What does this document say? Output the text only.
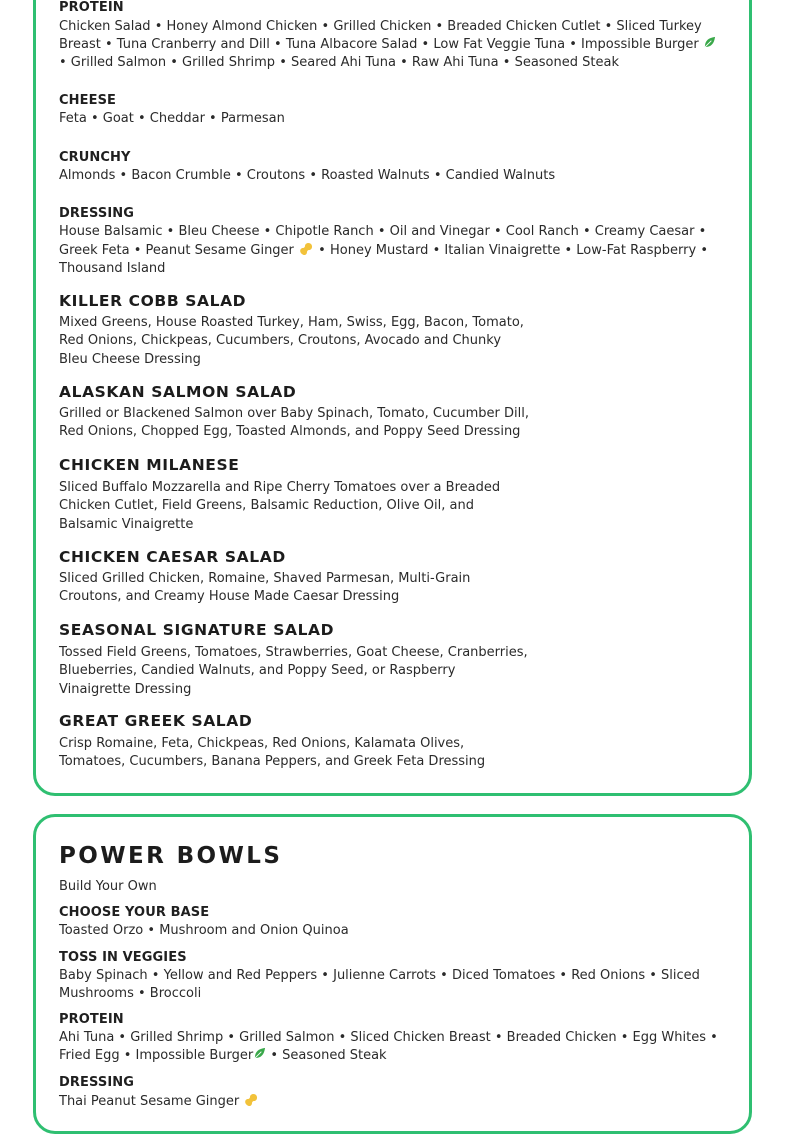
PROTEIN
Chicken Salad • Honey Almond Chicken • Grilled Chicken • Breaded Chicken Cutlet • Sliced Turkey Breast • Tuna Cranberry and Dill • Tuna Albacore Salad • Low Fat Veggie Tuna • Impossible Burger  • Grilled Salmon • Grilled Shrimp • Seared Ahi Tuna • Raw Ahi Tuna • Seasoned Steak
CHEESE
Feta • Goat • Cheddar • Parmesan
CRUNCHY
Almonds • Bacon Crumble • Croutons • Roasted Walnuts • Candied Walnuts
DRESSING
House Balsamic • Bleu Cheese • Chipotle Ranch • Oil and Vinegar • Cool Ranch • Creamy Caesar • Greek Feta • Peanut Sesame Ginger  • Honey Mustard • Italian Vinaigrette • Low-Fat Raspberry • Thousand Island
KILLER COBB SALAD
Mixed Greens, House Roasted Turkey, Ham, Swiss, Egg, Bacon, Tomato, Red Onions, Chickpeas, Cucumbers, Croutons, Avocado and Chunky Bleu Cheese Dressing
ALASKAN SALMON SALAD
Grilled or Blackened Salmon over Baby Spinach, Tomato, Cucumber Dill, Red Onions, Chopped Egg, Toasted Almonds, and Poppy Seed Dressing
CHICKEN MILANESE
Sliced Buffalo Mozzarella and Ripe Cherry Tomatoes over a Breaded Chicken Cutlet, Field Greens, Balsamic Reduction, Olive Oil, and Balsamic Vinaigrette
CHICKEN CAESAR SALAD
Sliced Grilled Chicken, Romaine, Shaved Parmesan, Multi-Grain Croutons, and Creamy House Made Caesar Dressing
SEASONAL SIGNATURE SALAD
Tossed Field Greens, Tomatoes, Strawberries, Goat Cheese, Cranberries, Blueberries, Candied Walnuts, and Poppy Seed, or Raspberry Vinaigrette Dressing
GREAT GREEK SALAD
Crisp Romaine, Feta, Chickpeas, Red Onions, Kalamata Olives, Tomatoes, Cucumbers, Banana Peppers, and Greek Feta Dressing
POWER BOWLS
Build Your Own
CHOOSE YOUR BASE
Toasted Orzo • Mushroom and Onion Quinoa
TOSS IN VEGGIES
Baby Spinach • Yellow and Red Peppers • Julienne Carrots • Diced Tomatoes • Red Onions • Sliced Mushrooms • Broccoli
PROTEIN
Ahi Tuna • Grilled Shrimp • Grilled Salmon • Sliced Chicken Breast • Breaded Chicken • Egg Whites • Fried Egg • Impossible Burger • Seasoned Steak
DRESSING
Thai Peanut Sesame Ginger
